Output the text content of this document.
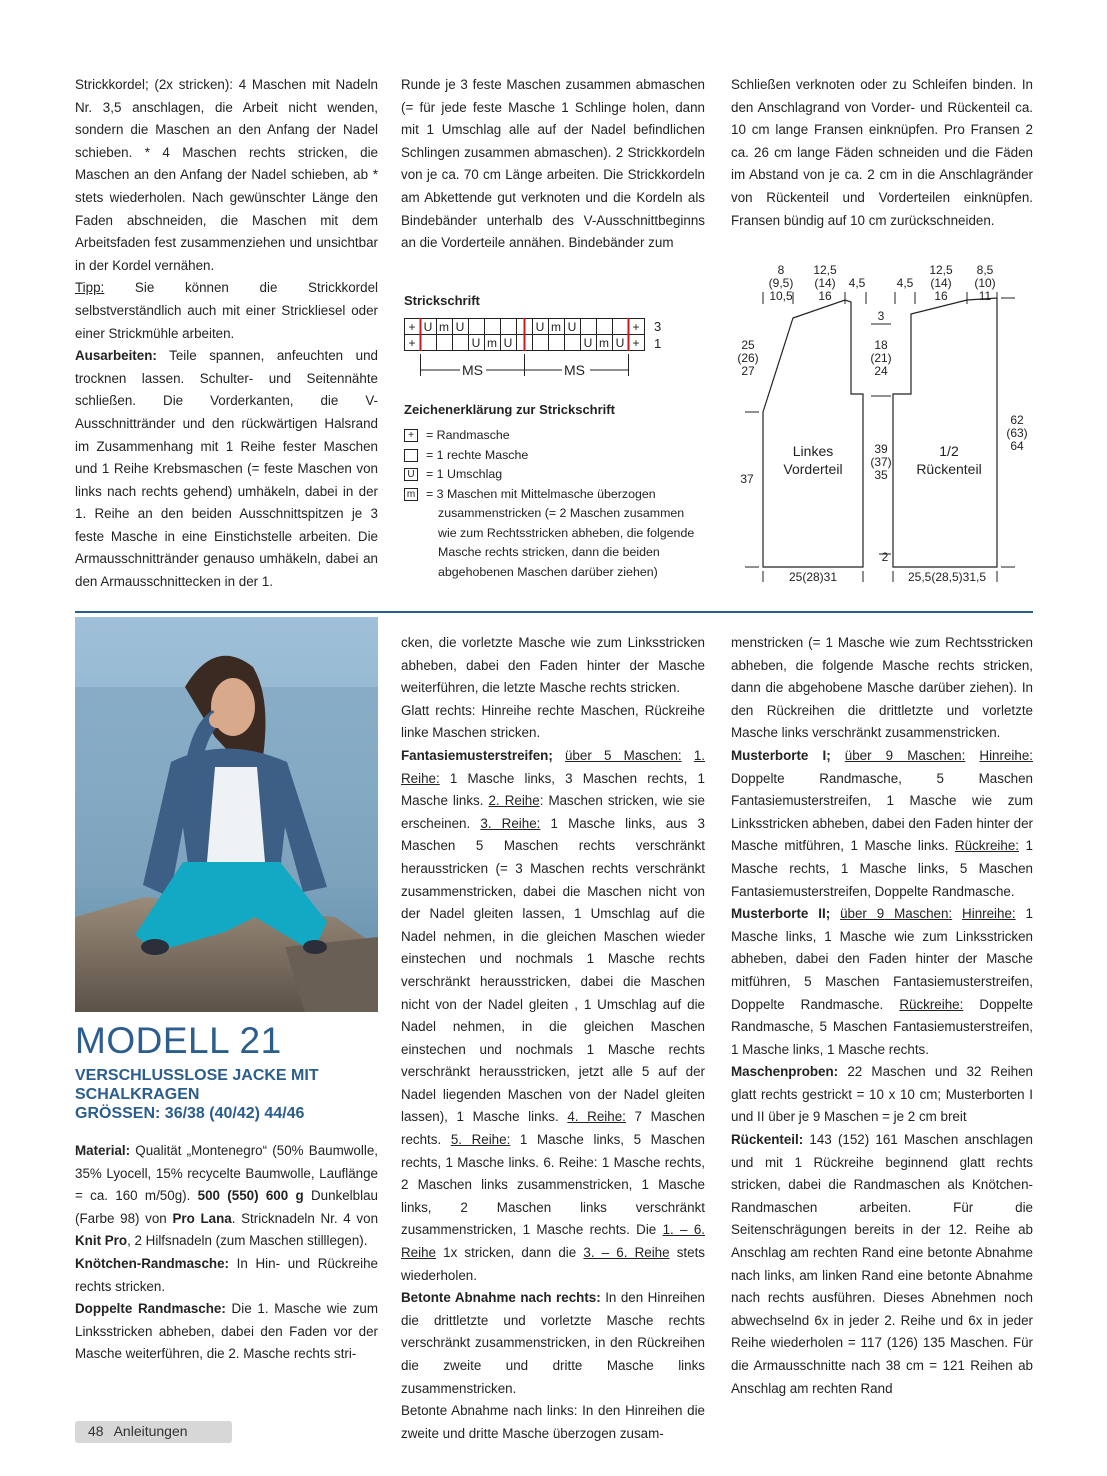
Strickkordel; (2x stricken): 4 Maschen mit Nadeln Nr. 3,5 anschlagen, die Arbeit nicht wenden, sondern die Maschen an den Anfang der Nadel schieben. * 4 Maschen rechts stricken, die Maschen an den Anfang der Nadel schieben, ab * stets wiederholen. Nach gewünschter Länge den Faden abschneiden, die Maschen mit dem Arbeitsfaden fest zusammenziehen und unsichtbar in der Kordel vernähen.

Tipp: Sie können die Strickkordel selbstverständlich auch mit einer Strickliesel oder einer Strickmühle arbeiten.

Ausarbeiten: Teile spannen, anfeuchten und trocknen lassen. Schulter- und Seitennähte schließen. Die Vorderkanten, die V-Ausschnittränder und den rückwärtigen Halsrand im Zusammenhang mit 1 Reihe fester Maschen und 1 Reihe Krebsmaschen (= feste Maschen von links nach rechts gehend) umhäkeln, dabei in der 1. Reihe an den beiden Ausschnittspitzen je 3 feste Masche in eine Einstichstelle arbeiten. Die Armausschnittränder genauso umhäkeln, dabei an den Armausschnittecken in der 1.

Runde je 3 feste Maschen zusammen abmaschen (= für jede feste Masche 1 Schlinge holen, dann mit 1 Umschlag alle auf der Nadel befindlichen Schlingen zusammen abmaschen). 2 Strickkordeln von je ca. 70 cm Länge arbeiten. Die Strickkordeln am Abkettende gut verknoten und die Kordeln als Bindebänder unterhalb des V-Ausschnittbeginns an die Vorderteile annähen. Bindebänder zum

Strickschrift
+ U m U	U m U	+
+	U m U	U m U +
3
1
MS	MS
Zeichenerklärung zur Strickschrift
+ = Randmasche
= 1 rechte Masche
U = 1 Umschlag
m = 3 Maschen mit Mittelmasche überzogen
zusammenstricken (= 2 Maschen zusammen wie zum Rechtsstricken abheben, die folgende Masche rechts stricken, dann die beiden abgehobenen Maschen darüber ziehen)

Schließen verknoten oder zu Schleifen binden. In den Anschlagrand von Vorder- und Rückenteil ca. 10 cm lange Fransen einknüpfen. Pro Fransen 2 ca. 26 cm lange Fäden schneiden und die Fäden im Abstand von je ca. 2 cm in die Anschlagränder von Rückenteil und Vorderteilen einknüpfen. Fransen bündig auf 10 cm zurückschneiden.

8
(9,5)
10,5
12,5
(14)
16
4,5	4,5
12,5
(14)
16
8,5
(10)
11
3
25
(26)
27
18
(21)
24
37
39
(37)
35
62
(63)
64
2
25(28)31	25,5(28,5)31,5
Linkes
Vorderteil
1/2
Rückenteil
MODELL 21
VERSCHLUSSLOSE JACKE MIT SCHALKRAGEN
GRÖSSEN: 36/38 (40/42) 44/46

Material: Qualität „Montenegro“ (50% Baumwolle, 35% Lyocell, 15% recycelte Baumwolle, Lauflänge = ca. 160 m/50g). 500 (550) 600 g Dunkelblau (Farbe 98) von Pro Lana. Stricknadeln Nr. 4 von Knit Pro, 2 Hilfsnadeln (zum Maschen stilllegen).

Knötchen-Randmasche: In Hin- und Rückreihe rechts stricken.

Doppelte Randmasche: Die 1. Masche wie zum Linksstricken abheben, dabei den Faden vor der Masche weiterführen, die 2. Masche rechts stri-

cken, die vorletzte Masche wie zum Linksstricken abheben, dabei den Faden hinter der Masche weiterführen, die letzte Masche rechts stricken.

Glatt rechts: Hinreihe rechte Maschen, Rückreihe linke Maschen stricken.

Fantasiemusterstreifen; über 5 Maschen: 1. Reihe: 1 Masche links, 3 Maschen rechts, 1 Masche links. 2. Reihe: Maschen stricken, wie sie erscheinen. 3. Reihe: 1 Masche links, aus 3 Maschen 5 Maschen rechts verschränkt herausstricken (= 3 Maschen rechts verschränkt zusammenstricken, dabei die Maschen nicht von der Nadel gleiten lassen, 1 Umschlag auf die Nadel nehmen, in die gleichen Maschen wieder einstechen und nochmals 1 Masche rechts verschränkt herausstricken, dabei die Maschen nicht von der Nadel gleiten , 1 Umschlag auf die Nadel nehmen, in die gleichen Maschen einstechen und nochmals 1 Masche rechts verschränkt herausstricken, jetzt alle 5 auf der Nadel liegenden Maschen von der Nadel gleiten lassen), 1 Masche links. 4. Reihe: 7 Maschen rechts. 5. Reihe: 1 Masche links, 5 Maschen rechts, 1 Masche links. 6. Reihe: 1 Masche rechts, 2 Maschen links zusammenstricken, 1 Masche links, 2 Maschen links verschränkt zusammenstricken, 1 Masche rechts. Die 1. – 6. Reihe 1x stricken, dann die 3. – 6. Reihe stets wiederholen.

Betonte Abnahme nach rechts: In den Hinreihen die drittletzte und vorletzte Masche rechts verschränkt zusammenstricken, in den Rückreihen die zweite und dritte Masche links zusammenstricken.

Betonte Abnahme nach links: In den Hinreihen die zweite und dritte Masche überzogen zusam-

menstricken (= 1 Masche wie zum Rechtsstricken abheben, die folgende Masche rechts stricken, dann die abgehobene Masche darüber ziehen). In den Rückreihen die drittletzte und vorletzte Masche links verschränkt zusammenstricken.

Musterborte I; über 9 Maschen: Hinreihe: Doppelte Randmasche, 5 Maschen Fantasiemusterstreifen, 1 Masche wie zum Linksstricken abheben, dabei den Faden hinter der Masche mitführen, 1 Masche links. Rückreihe: 1 Masche rechts, 1 Masche links, 5 Maschen Fantasiemusterstreifen, Doppelte Randmasche.

Musterborte II; über 9 Maschen: Hinreihe: 1 Masche links, 1 Masche wie zum Linksstricken abheben, dabei den Faden hinter der Masche mitführen, 5 Maschen Fantasiemusterstreifen, Doppelte Randmasche. Rückreihe: Doppelte Randmasche, 5 Maschen Fantasiemusterstreifen, 1 Masche links, 1 Masche rechts.

Maschenproben: 22 Maschen und 32 Reihen glatt rechts gestrickt = 10 x 10 cm; Musterborten I und II über je 9 Maschen = je 2 cm breit

Rückenteil: 143 (152) 161 Maschen anschlagen und mit 1 Rückreihe beginnend glatt rechts stricken, dabei die Randmaschen als Knötchen-Randmaschen arbeiten. Für die Seitenschrägungen bereits in der 12. Reihe ab Anschlag am rechten Rand eine betonte Abnahme nach links, am linken Rand eine betonte Abnahme nach rechts ausführen. Dieses Abnehmen noch abwechselnd 6x in jeder 2. Reihe und 6x in jeder Reihe wiederholen = 117 (126) 135 Maschen. Für die Armausschnitte nach 38 cm = 121 Reihen ab Anschlag am rechten Rand

48 Anleitungen
